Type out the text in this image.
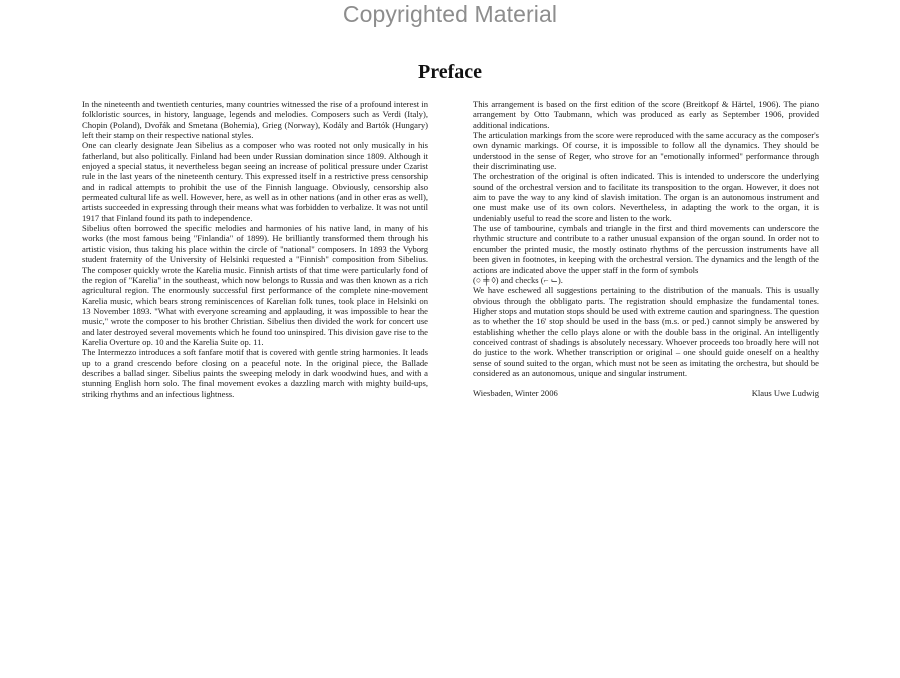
Copyrighted Material
Preface

In the nineteenth and twentieth centuries, many countries witnessed the rise of a profound interest in folkloristic sources, in history, language, legends and melodies. Composers such as Verdi (Italy), Chopin (Poland), Dvořák and Smetana (Bohemia), Grieg (Norway), Kodály and Bartók (Hungary) left their stamp on their respective national styles.

One can clearly designate Jean Sibelius as a composer who was rooted not only musically in his fatherland, but also politically. Finland had been under Russian domination since 1809. Although it enjoyed a special status, it nevertheless began seeing an increase of political pressure under Czarist rule in the last years of the nineteenth century. This expressed itself in a restrictive press censorship and in radical attempts to prohibit the use of the Finnish language. Obviously, censorship also permeated cultural life as well. However, here, as well as in other nations (and in other eras as well), artists succeeded in expressing through their means what was forbidden to verbalize. It was not until 1917 that Finland found its path to independence.

Sibelius often borrowed the specific melodies and harmonies of his native land, in many of his works (the most famous being "Finlandia" of 1899). He brilliantly transformed them through his artistic vision, thus taking his place within the circle of "national" composers. In 1893 the Vyborg student fraternity of the University of Helsinki requested a "Finnish" composition from Sibelius. The composer quickly wrote the Karelia music. Finnish artists of that time were particularly fond of the region of "Karelia" in the southeast, which now belongs to Russia and was then known as a rich agricultural region. The enormously successful first performance of the complete nine-movement Karelia music, which bears strong reminiscences of Karelian folk tunes, took place in Helsinki on 13 November 1893. "What with everyone screaming and applauding, it was impossible to hear the music," wrote the composer to his brother Christian. Sibelius then divided the work for concert use and later destroyed several movements which he found too uninspired. This division gave rise to the Karelia Overture op. 10 and the Karelia Suite op. 11.

The Intermezzo introduces a soft fanfare motif that is covered with gentle string harmonies. It leads up to a grand crescendo before closing on a peaceful note. In the original piece, the Ballade describes a ballad singer. Sibelius paints the sweeping melody in dark woodwind hues, and with a stunning English horn solo. The final movement evokes a dazzling march with mighty build-ups, striking rhythms and an infectious lightness.

This arrangement is based on the first edition of the score (Breitkopf & Härtel, 1906). The piano arrangement by Otto Taubmann, which was produced as early as September 1906, provided additional indications.

The articulation markings from the score were reproduced with the same accuracy as the composer's own dynamic markings. Of course, it is impossible to follow all the dynamics. They should be understood in the sense of Reger, who strove for an "emotionally informed" performance through their discriminating use.

The orchestration of the original is often indicated. This is intended to underscore the underlying sound of the orchestral version and to facilitate its transposition to the organ. However, it does not aim to pave the way to any kind of slavish imitation. The organ is an autonomous instrument and one must make use of its own colors. Nevertheless, in adapting the work to the organ, it is undeniably useful to read the score and listen to the work.

The use of tambourine, cymbals and triangle in the first and third movements can underscore the rhythmic structure and contribute to a rather unusual expansion of the organ sound. In order not to encumber the printed music, the mostly ostinato rhythms of the percussion instruments have all been given in footnotes, in keeping with the orchestral version. The dynamics and the length of the actions are indicated above the upper staff in the form of symbols

(○ ╪ ◊) and checks (⌐ ⌙).

We have eschewed all suggestions pertaining to the distribution of the manuals. This is usually obvious through the obbligato parts. The registration should emphasize the fundamental tones. Higher stops and mutation stops should be used with extreme caution and sparingness. The question as to whether the 16' stop should be used in the bass (m.s. or ped.) cannot simply be answered by establishing whether the cello plays alone or with the double bass in the original. An intelligently conceived contrast of shadings is absolutely necessary. Whoever proceeds too broadly here will not do justice to the work. Whether transcription or original – one should guide oneself on a healthy sense of sound suited to the organ, which must not be seen as imitating the orchestra, but should be considered as an autonomous, unique and singular instrument.

Wiesbaden, Winter 2006	Klaus Uwe Ludwig
